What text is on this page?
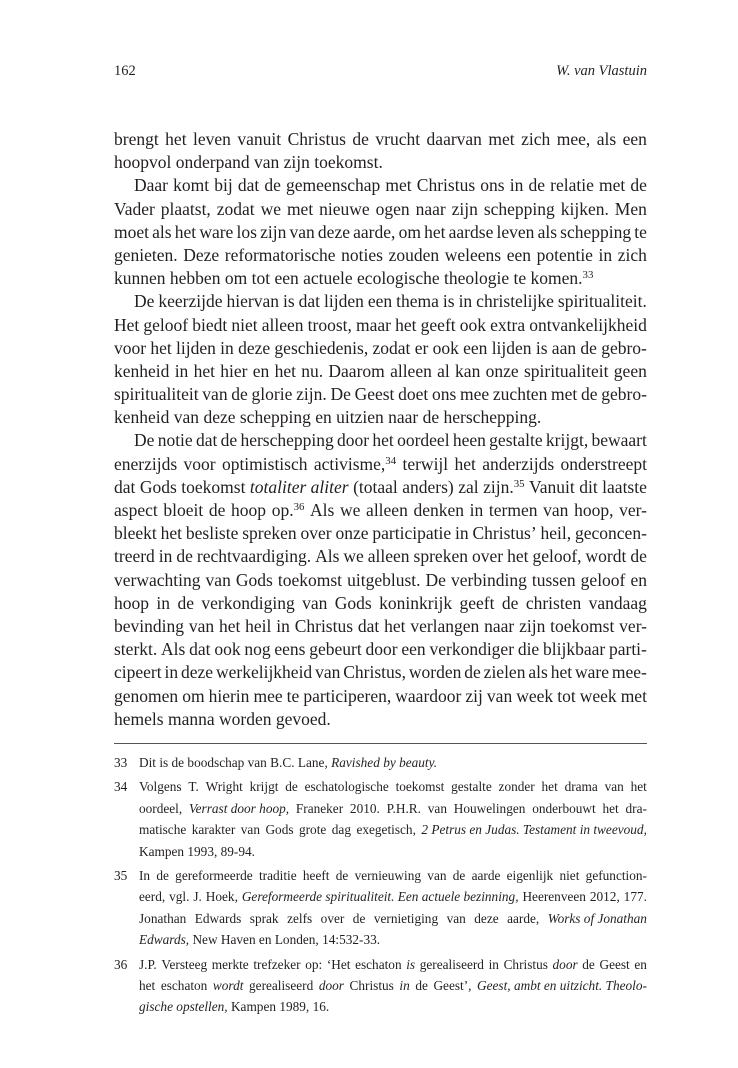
162	W. van Vlastuin
brengt het leven vanuit Christus de vrucht daarvan met zich mee, als een
hoopvol onderpand van zijn toekomst.
Daar komt bij dat de gemeenschap met Christus ons in de relatie met de
Vader plaatst, zodat we met nieuwe ogen naar zijn schepping kijken. Men
moet als het ware los zijn van deze aarde, om het aardse leven als schepping te
genieten. Deze reformatorische noties zouden weleens een potentie in zich
kunnen hebben om tot een actuele ecologische theologie te komen.$^{33}$
De keerzijde hiervan is dat lijden een thema is in christelijke spiritualiteit.
Het geloof biedt niet alleen troost, maar het geeft ook extra ontvankelijkheid
voor het lijden in deze geschiedenis, zodat er ook een lijden is aan de gebro-
kenheid in het hier en het nu. Daarom alleen al kan onze spiritualiteit geen
spiritualiteit van de glorie zijn. De Geest doet ons mee zuchten met de gebro-
kenheid van deze schepping en uitzien naar de herschepping.
De notie dat de herschepping door het oordeel heen gestalte krijgt, bewaart
enerzijds voor optimistisch activisme,$^{34}$ terwijl het anderzijds onderstreept
dat Gods toekomst totaliter aliter (totaal anders) zal zijn.$^{35}$ Vanuit dit laatste
aspect bloeit de hoop op.$^{36}$ Als we alleen denken in termen van hoop, ver-
bleekt het besliste spreken over onze participatie in Christus’ heil, geconcen-
treerd in de rechtvaardiging. Als we alleen spreken over het geloof, wordt de
verwachting van Gods toekomst uitgeblust. De verbinding tussen geloof en
hoop in de verkondiging van Gods koninkrijk geeft de christen vandaag
bevinding van het heil in Christus dat het verlangen naar zijn toekomst ver-
sterkt. Als dat ook nog eens gebeurt door een verkondiger die blijkbaar parti-
cipeert in deze werkelijkheid van Christus, worden de zielen als het ware mee-
genomen om hierin mee te participeren, waardoor zij van week tot week met
hemels manna worden gevoed.
33 Dit is de boodschap van B.C. Lane, Ravished by beauty.
34 Volgens T. Wright krijgt de eschatologische toekomst gestalte zonder het drama van het
oordeel, Verrast door hoop, Franeker 2010. P.H.R. van Houwelingen onderbouwt het dra-
matische karakter van Gods grote dag exegetisch, 2 Petrus en Judas. Testament in tweevoud,
Kampen 1993, 89-94.
35 In de gereformeerde traditie heeft de vernieuwing van de aarde eigenlijk niet gefunction-
eerd, vgl. J. Hoek, Gereformeerde spiritualiteit. Een actuele bezinning, Heerenveen 2012, 177.
Jonathan Edwards sprak zelfs over de vernietiging van deze aarde, Works of Jonathan
Edwards, New Haven en Londen, 14:532-33.
36 J.P. Versteeg merkte trefzeker op: ‘Het eschaton is gerealiseerd in Christus door de Geest en
het eschaton wordt gerealiseerd door Christus in de Geest’, Geest, ambt en uitzicht. Theolo-
gische opstellen, Kampen 1989, 16.
